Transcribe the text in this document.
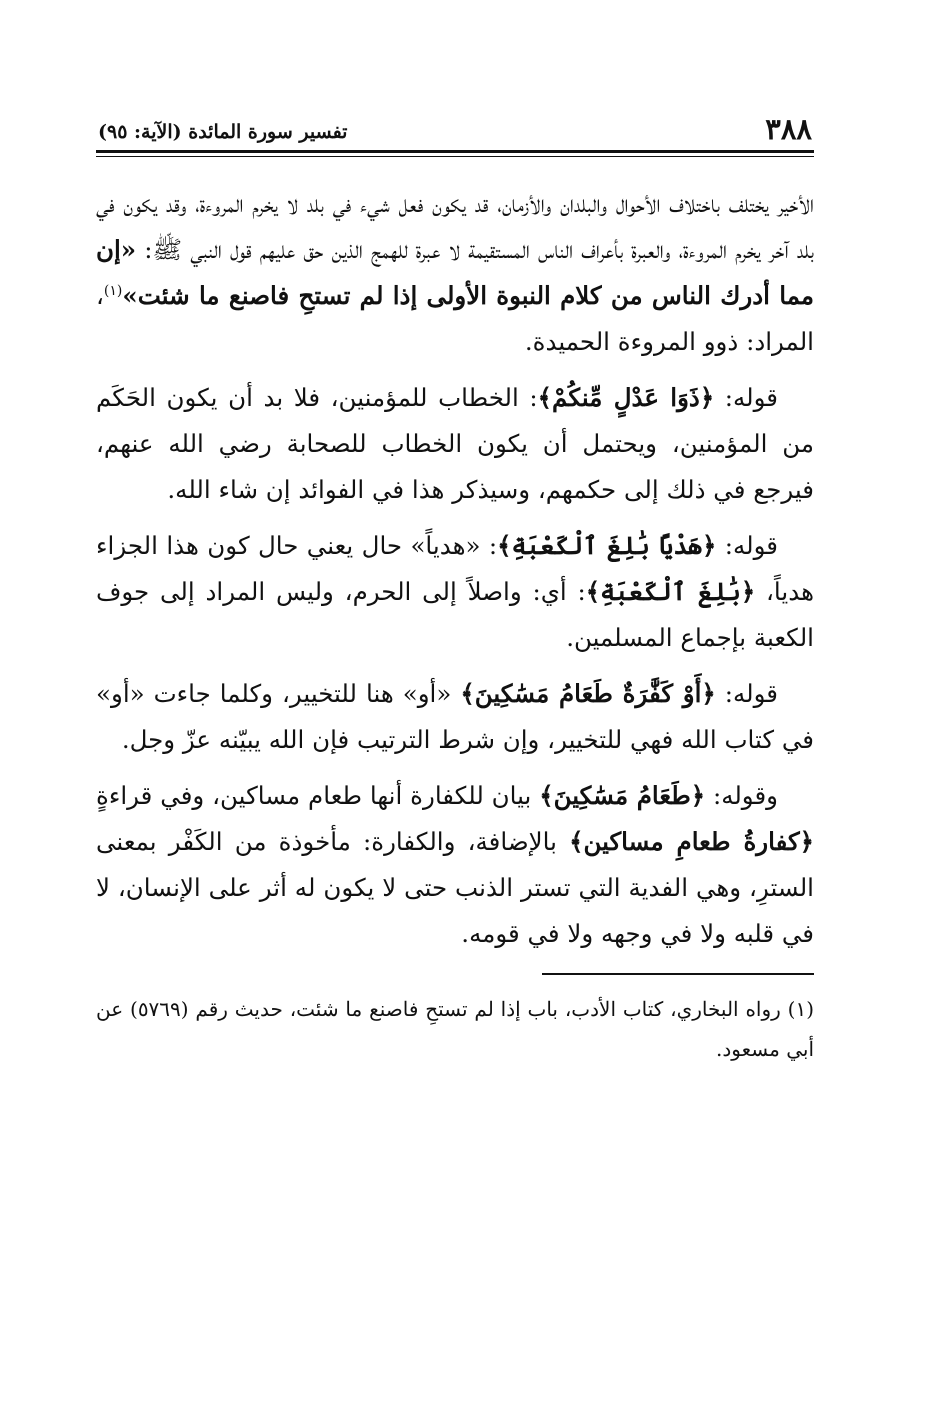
٣٨٨
تفسير سورة المائدة (الآية: ٩٥)

الأخير يختلف باختلاف الأحوال والبلدان والأزمان، قد يكون فعل شيء في بلد لا يخرم المروءة، وقد يكون في بلد آخر يخرم المروءة، والعبرة بأعراف الناس المستقيمة لا عبرة للهمج الذين حق عليهم قول النبي ﷺ: «إن مما أدرك الناس من كلام النبوة الأولى إذا لم تستحِ فاصنع ما شئت»$^{(١)}$، المراد: ذوو المروءة الحميدة.

قوله: ﴿ذَوَا عَدْلٍ مِّنكُمْ﴾: الخطاب للمؤمنين، فلا بد أن يكون الحَكَم من المؤمنين، ويحتمل أن يكون الخطاب للصحابة رضي الله عنهم، فيرجع في ذلك إلى حكمهم، وسيذكر هذا في الفوائد إن شاء الله.

قوله: ﴿هَدْيًا بَٰلِغَ ٱلْكَعْبَةِ﴾: «هدياً» حال يعني حال كون هذا الجزاء هدياً، ﴿بَٰلِغَ ٱلْكَعْبَةِ﴾: أي: واصلاً إلى الحرم، وليس المراد إلى جوف الكعبة بإجماع المسلمين.

قوله: ﴿أَوْ كَفَّٰرَةٌ طَعَامُ مَسَٰكِينَ﴾ «أو» هنا للتخيير، وكلما جاءت «أو» في كتاب الله فهي للتخيير، وإن شرط الترتيب فإن الله يبيّنه عزّ وجل.

وقوله: ﴿طَعَامُ مَسَٰكِينَ﴾ بيان للكفارة أنها طعام مساكين، وفي قراءةٍ ﴿كفارةُ طعامِ مساكين﴾ بالإضافة، والكفارة: مأخوذة من الكَفْر بمعنى السترِ، وهي الفدية التي تستر الذنب حتى لا يكون له أثر على الإنسان، لا في قلبه ولا في وجهه ولا في قومه.

(١) رواه البخاري، كتاب الأدب، باب إذا لم تستحِ فاصنع ما شئت، حديث رقم (٥٧٦٩) عن أبي مسعود.
